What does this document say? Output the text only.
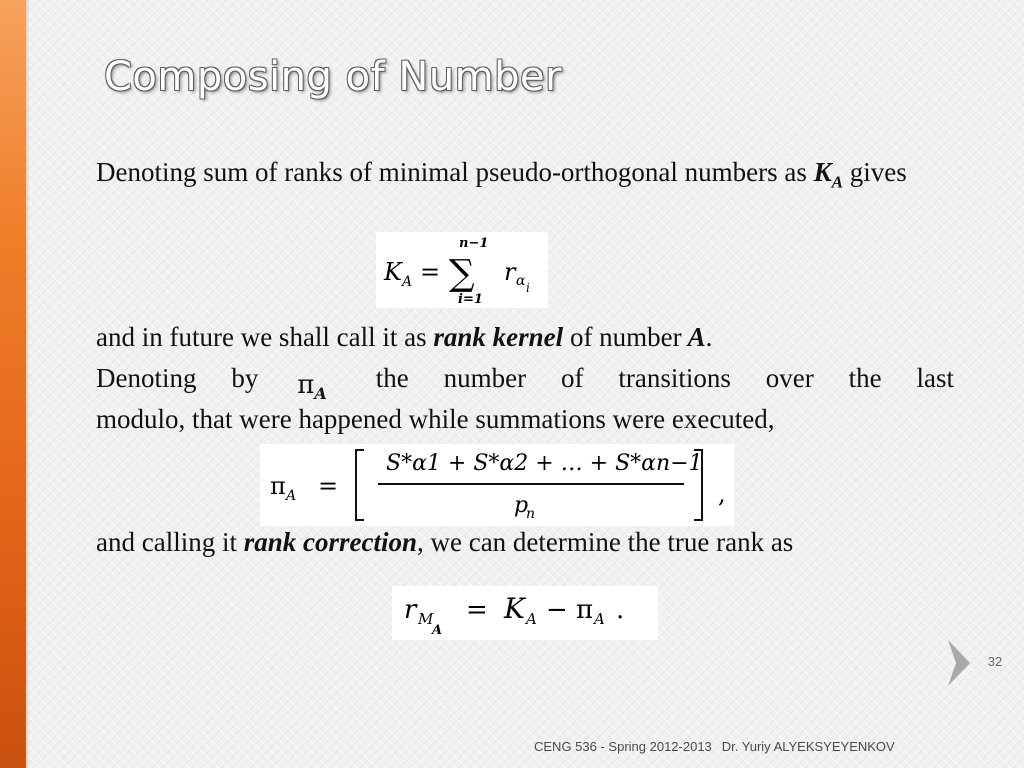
Composing of Number

Denoting sum of ranks of minimal pseudo-orthogonal numbers as $K_A$ gives

K A = ∑
n−1
i=1
r α i

and in future we shall call it as rank kernel of number A.

Denoting by $\pi_A$ the number of transitions over the last

modulo, that were happened while summations were executed,

π A =
S*α1 + S*α2 + … + S*αn−1
p
n
,

and calling it rank correction, we can determine the true rank as

r M
A
= K A − π A .
32
CENG 536 - Spring 2012-2013 Dr. Yuriy ALYEKSYEYENKOV
